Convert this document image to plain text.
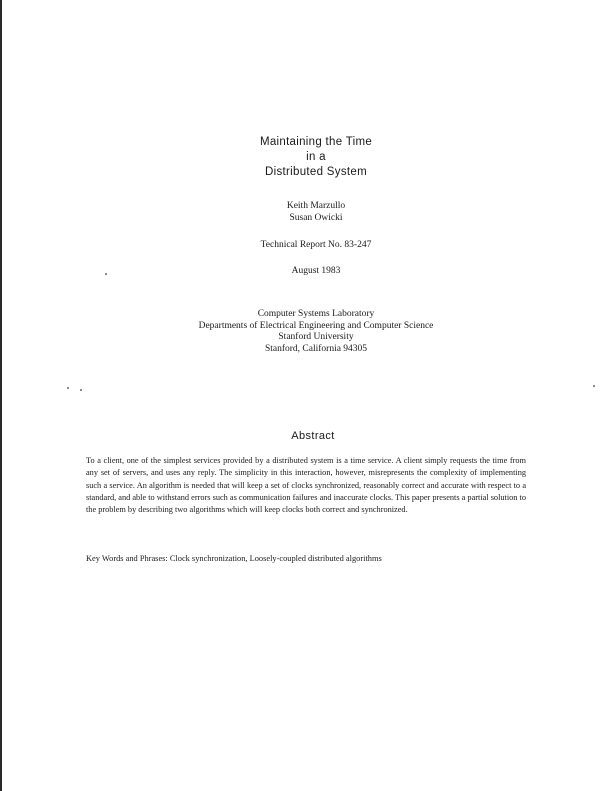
Maintaining the Time
in a
Distributed System
Keith Marzullo
Susan Owicki
Technical Report No. 83-247
August 1983
Computer Systems Laboratory
Departments of Electrical Engineering and Computer Science
Stanford University
Stanford, California 94305
Abstract

To a client, one of the simplest services provided by a distributed system is a time service. A client simply requests the time from any set of servers, and uses any reply. The simplicity in this interaction, however, misrepresents the complexity of implementing such a service. An algorithm is needed that will keep a set of clocks synchronized, reasonably correct and accurate with respect to a standard, and able to withstand errors such as communication failures and inaccurate clocks. This paper presents a partial solution to the problem by describing two algorithms which will keep clocks both correct and synchronized.

Key Words and Phrases: Clock synchronization, Loosely-coupled distributed algorithms
